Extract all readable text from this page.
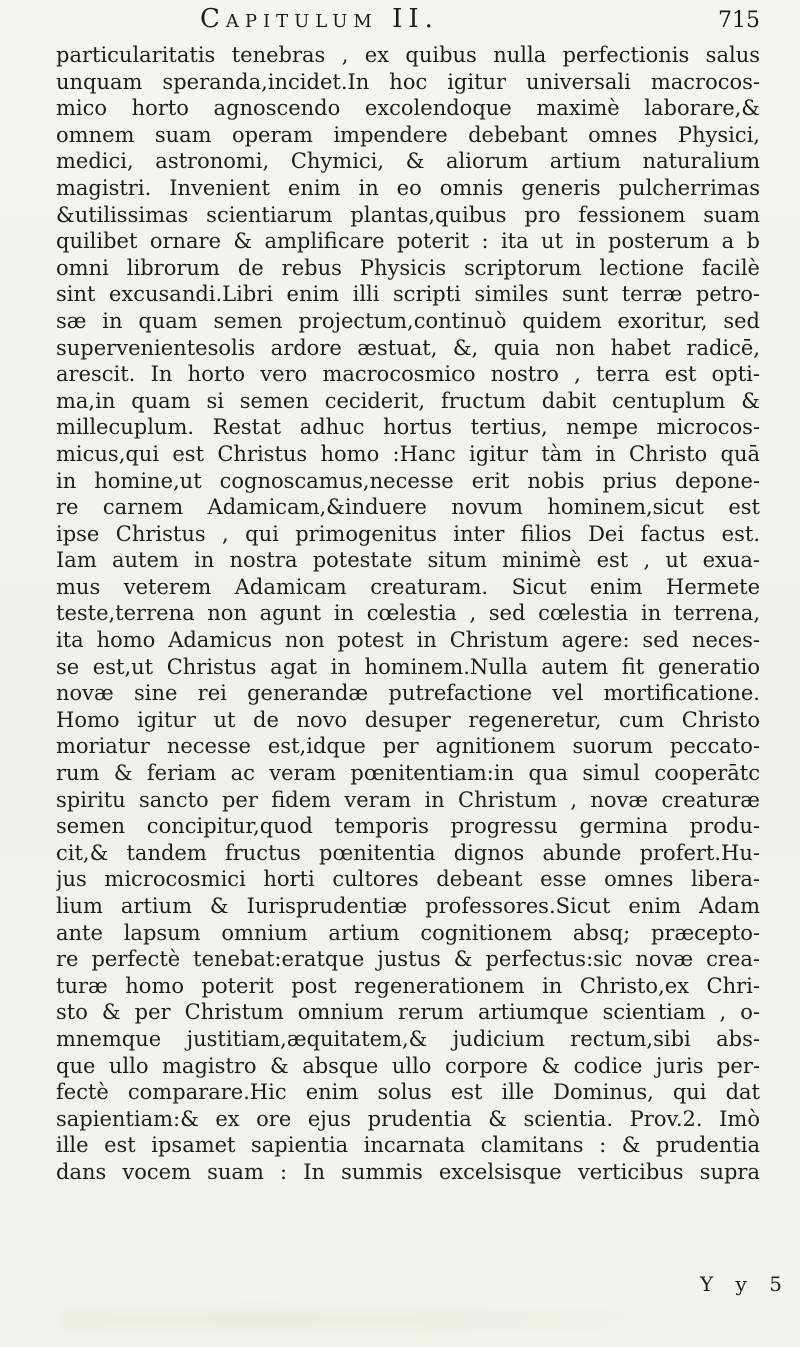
Capitulum II.	715
particularitatis tenebras , ex quibus nulla perfectionis salus
unquam speranda,incidet.In hoc igitur universali macrocos-
mico horto agnoscendo excolendoque maximè laborare,&
omnem suam operam impendere debebant omnes Physici,
medici, astronomi, Chymici, & aliorum artium naturalium
magistri. Invenient enim in eo omnis generis pulcherrimas
&utilissimas scientiarum plantas,quibus pro fessionem suam
quilibet ornare & amplificare poterit : ita ut in posterum a b
omni librorum de rebus Physicis scriptorum lectione facilè
sint excusandi.Libri enim illi scripti similes sunt terræ petro-
sæ in quam semen projectum,continuò quidem exoritur, sed
supervenientesolis ardore æstuat, &, quia non habet radicē,
arescit. In horto vero macrocosmico nostro , terra est opti-
ma,in quam si semen ceciderit, fructum dabit centuplum &
millecuplum. Restat adhuc hortus tertius, nempe microcos-
micus,qui est Christus homo :Hanc igitur tàm in Christo quā
in homine,ut cognoscamus,necesse erit nobis prius depone-
re carnem Adamicam,&induere novum hominem,sicut est
ipse Christus , qui primogenitus inter filios Dei factus est.
Iam autem in nostra potestate situm minimè est , ut exua-
mus veterem Adamicam creaturam. Sicut enim Hermete
teste,terrena non agunt in cœlestia , sed cœlestia in terrena,
ita homo Adamicus non potest in Christum agere: sed neces-
se est,ut Christus agat in hominem.Nulla autem fit generatio
novæ sine rei generandæ putrefactione vel mortificatione.
Homo igitur ut de novo desuper regeneretur, cum Christo
moriatur necesse est,idque per agnitionem suorum peccato-
rum & feriam ac veram pœnitentiam:in qua simul cooperātc
spiritu sancto per fidem veram in Christum , novæ creaturæ
semen concipitur,quod temporis progressu germina produ-
cit,& tandem fructus pœnitentia dignos abunde profert.Hu-
jus microcosmici horti cultores debeant esse omnes libera-
lium artium & Iurisprudentiæ professores.Sicut enim Adam
ante lapsum omnium artium cognitionem absq; præcepto-
re perfectè tenebat:eratque justus & perfectus:sic novæ crea-
turæ homo poterit post regenerationem in Christo,ex Chri-
sto & per Christum omnium rerum artiumque scientiam , o-
mnemque justitiam,æquitatem,& judicium rectum,sibi abs-
que ullo magistro & absque ullo corpore & codice juris per-
fectè comparare.Hic enim solus est ille Dominus, qui dat
sapientiam:& ex ore ejus prudentia & scientia. Prov.2. Imò
ille est ipsamet sapientia incarnata clamitans : & prudentia
dans vocem suam : In summis excelsisque verticibus supra
Y y 5
